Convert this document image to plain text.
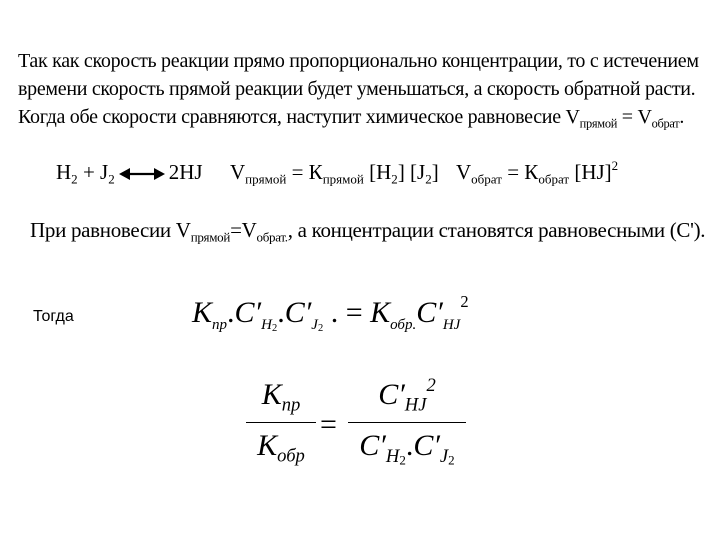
Так как скорость реакции прямо пропорционально концентрации, то с истечением
времени скорость прямой реакции будет уменьшаться, а скорость обратной расти.
Когда обе скорости сравняются, наступит химическое равновесие $V_{прямой} = V_{обрат}$.
$H_2 + J_2$	2HJ $V_{прямой} = К_{прямой}$ $[H_2]$ $[J_2] V_{обрат} = К_{обрат}$ [HJ]$^2$
При равновесии $V_{прямой}=V_{обрат.}$, а концентрации становятся равновесными (С').
Тогда	$K_{пр}.C'_{H2}.C'_{J2}$ . = $K_{обр.}C'_{HJ}^2$
$K_{пр}$
$K_{обр}$
=
$C'_{HJ}^2$
$C'_{H2}.C'_{J2}$
